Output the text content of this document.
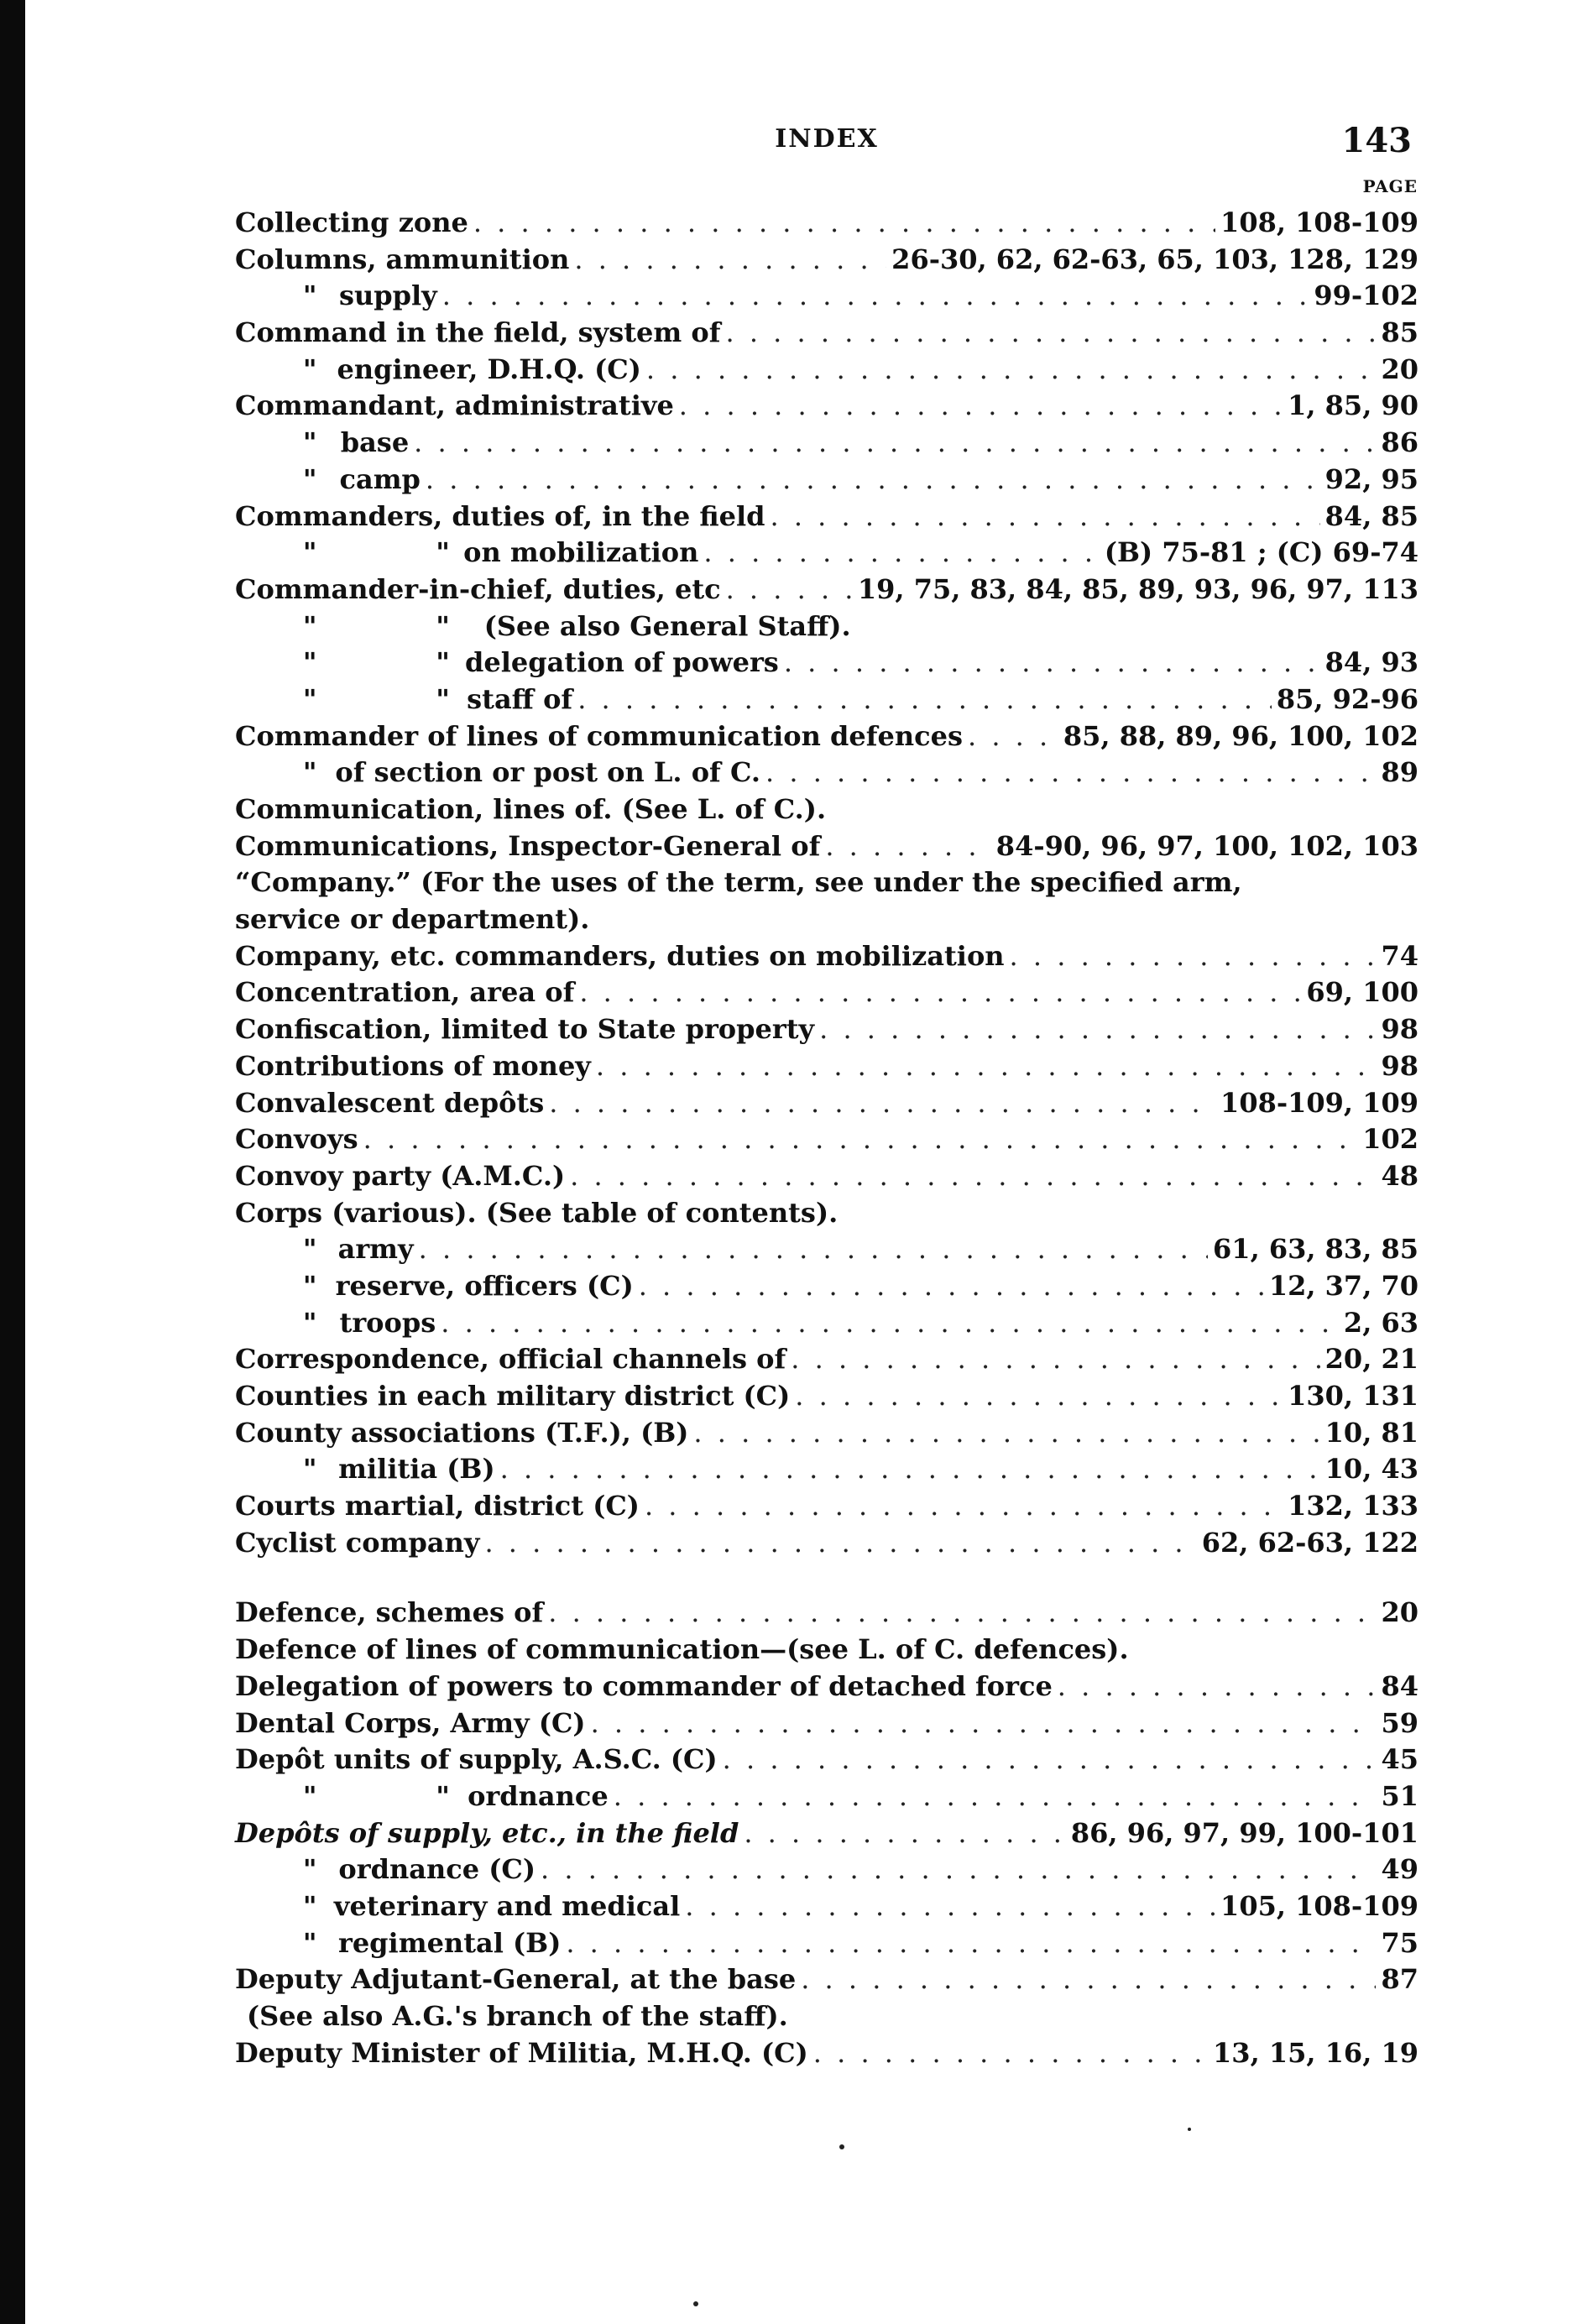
INDEX	143
PAGE
Collecting zone . . .	108, 108-109
Columns, ammunition . . .	26-30, 62, 62-63, 65, 103, 128, 129
" supply . . .	99-102
Command in the field, system of . . .	85
" engineer, D.H.Q. (C) . . .	20
Commandant, administrative . . .	1, 85, 90
" base . . .	86
" camp . . .	92, 95
Commanders, duties of, in the field . . .	84, 85
"	" on mobilization . . .	(B) 75-81 ; (C) 69-74
Commander-in-chief, duties, etc . . .	19, 75, 83, 84, 85, 89, 93, 96, 97, 113
"	"	(See also General Staff).
"	" delegation of powers . . .	84, 93
"	" staff of . . .	85, 92-96
Commander of lines of communication defences . . .	85, 88, 89, 96, 100, 102
" of section or post on L. of C. . . .	89
Communication, lines of. (See L. of C.).
Communications, Inspector-General of . . .	84-90, 96, 97, 100, 102, 103
“Company.” (For the uses of the term, see under the specified arm,
service or department).
Company, etc. commanders, duties on mobilization . . .	74
Concentration, area of . . .	69, 100
Confiscation, limited to State property . . .	98
Contributions of money . . .	98
Convalescent depôts . . .	108-109, 109
Convoys . . .	102
Convoy party (A.M.C.) . . .	48
Corps (various). (See table of contents).
" army . . .	61, 63, 83, 85
" reserve, officers (C) . . .	12, 37, 70
" troops . . .	2, 63
Correspondence, official channels of . . .	20, 21
Counties in each military district (C) . . .	130, 131
County associations (T.F.), (B) . . .	10, 81
" militia (B) . . .	10, 43
Courts martial, district (C) . . .	132, 133
Cyclist company . . .	62, 62-63, 122
Defence, schemes of . . .	20
Defence of lines of communication—(see L. of C. defences).
Delegation of powers to commander of detached force . . .	84
Dental Corps, Army (C) . . .	59
Depôt units of supply, A.S.C. (C) . . .	45
"	" ordnance . . .	51
Depôts of supply, etc., in the field . . .	86, 96, 97, 99, 100-101
" ordnance (C) . . .	49
" veterinary and medical . . .	105, 108-109
" regimental (B) . . .	75
Deputy Adjutant-General, at the base . . .	87
(See also A.G.'s branch of the staff).
Deputy Minister of Militia, M.H.Q. (C) . . .	13, 15, 16, 19
